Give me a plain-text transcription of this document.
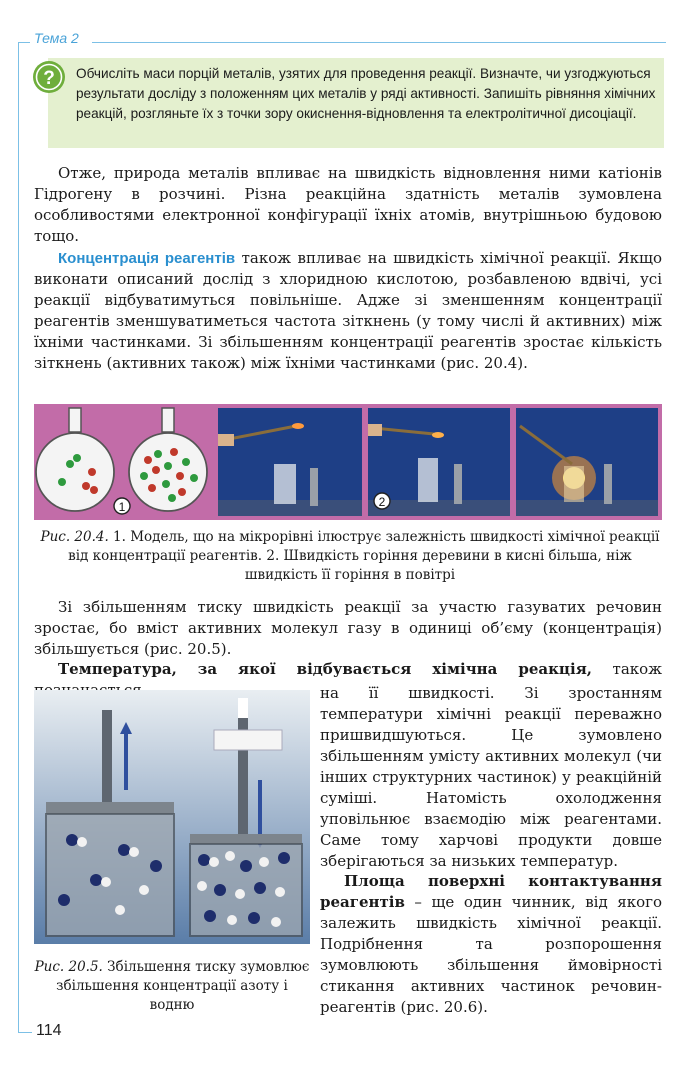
Тема 2
? Обчисліть маси порцій металів, узятих для проведення реакції. Визначте, чи узгоджуються результати досліду з положенням цих металів у ряді активності. Запишіть рівняння хімічних реакцій, розгляньте їх з точки зору окиснення-відновлення та електролітичної дисоціації.
Отже, природа металів впливає на швидкість відновлення ними катіонів Гідрогену в розчині. Різна реакційна здатність металів зумовлена особливостями електронної конфігурації їхніх атомів, внутрішньою будовою тощо.
Концентрація реагентів також впливає на швидкість хімічної реакції. Якщо виконати описаний дослід з хлоридною кислотою, розбавленою вдвічі, усі реакції відбуватимуться повільніше. Адже зі зменшенням концентрації реагентів зменшуватиметься частота зіткнень (у тому числі й активних) між їхніми частинками. Зі збільшенням концентрації реагентів зростає кількість зіткнень (активних також) між їхніми частинками (рис. 20.4).
1	2
Рис. 20.4. 1. Модель, що на мікрорівні ілюструє залежність швидкості хімічної реакції від концентрації реагентів. 2. Швидкість горіння деревини в кисні більша, ніж швидкість її горіння в повітрі
Зі збільшенням тиску швидкість реакції за участю газуватих речовин зростає, бо вміст активних молекул газу в одиниці об’єму (концентрація) збільшується (рис. 20.5).
Температура, за якої відбувається хімічна реакція, також
на її швидкості. Зі зростанням температури хімічні реакції переважно пришвидшуються. Це зумовлено збільшенням умісту активних молекул (чи інших структурних частинок) у реакційній суміші. Натомість охолодження уповільнює взаємодію між реагентами. Саме тому харчові продукти довше зберігаються за низьких температур.
Площа поверхні контактування реагентів – ще один чинник, від якого залежить швидкість хімічної реакції. Подрібнення та розпорошення зумовлюють збільшення ймовірності стикання активних частинок речовин-реагентів (рис. 20.6).
Рис. 20.5. Збільшення тиску зумовлює збільшення концентрації азоту і водню
114
